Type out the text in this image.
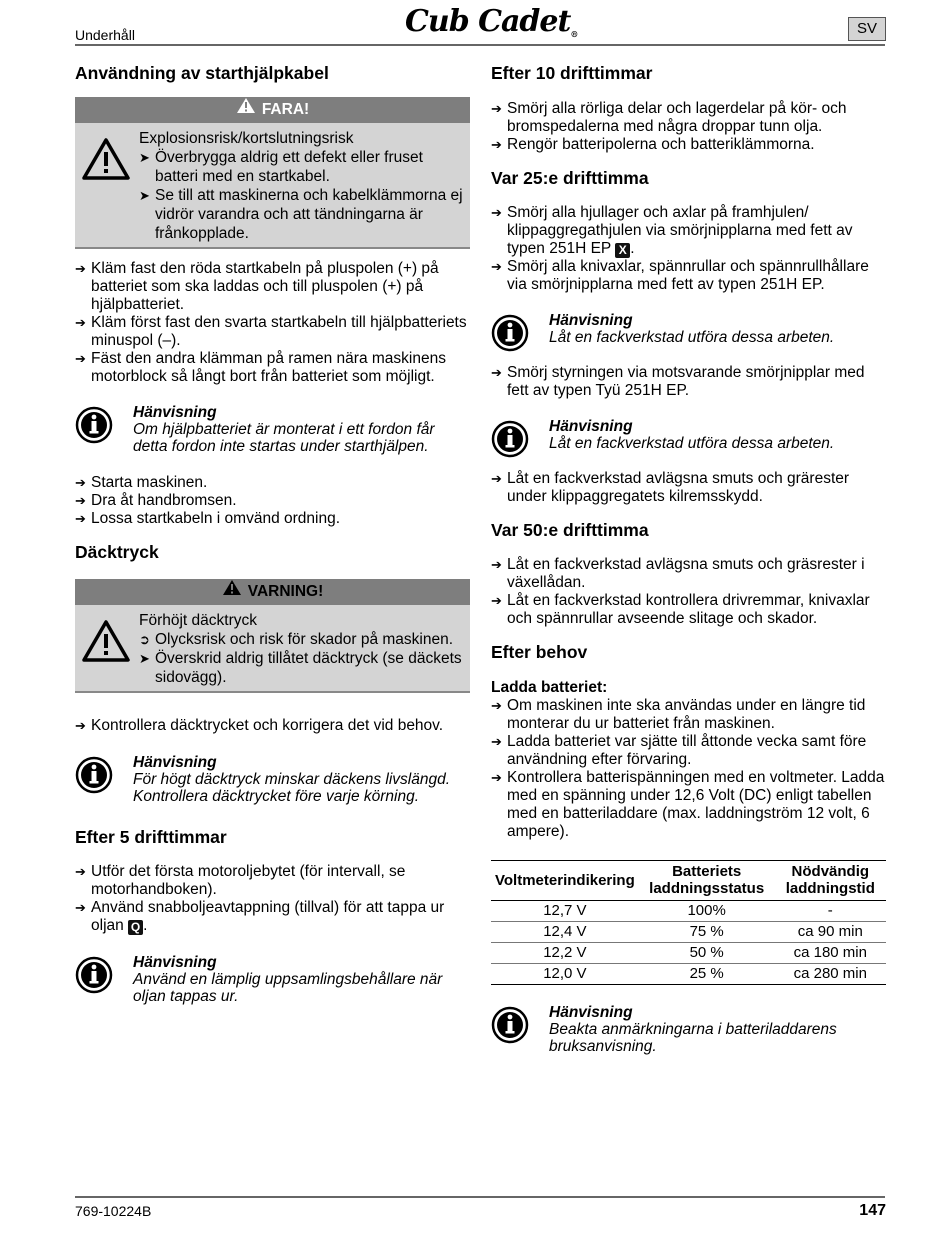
Underhåll	Cub Cadet®	SV
Användning av starthjälpkabel
FARA!

Explosionsrisk/kortslutningsrisk

➤ Överbrygga aldrig ett defekt eller fruset batteri med en startkabel.
➤ Se till att maskinerna och kabelklämmorna ej vidrör varandra och att tändningarna är frånkopplade.
➔ Kläm fast den röda startkabeln på pluspolen (+) på batteriet som ska laddas och till pluspolen (+) på hjälpbatteriet.
➔ Kläm först fast den svarta startkabeln till hjälpbatteriets minuspol (–).
➔ Fäst den andra klämman på ramen nära maskinens motorblock så långt bort från batteriet som möjligt.
Hänvisning
Om hjälpbatteriet är monterat i ett fordon får detta fordon inte startas under starthjälpen.
➔ Starta maskinen.
➔ Dra åt handbromsen.
➔ Lossa startkabeln i omvänd ordning.
Däcktryck
VARNING!

Förhöjt däcktryck

➲ Olycksrisk och risk för skador på maskinen.
➤ Överskrid aldrig tillåtet däcktryck (se däckets sidovägg).
➔ Kontrollera däcktrycket och korrigera det vid behov.
Hänvisning
För högt däcktryck minskar däckens livslängd. Kontrollera däcktrycket före varje körning.
Efter 5 drifttimmar
➔ Utför det första motoroljebytet (för intervall, se motorhandboken).
➔ Använd snabboljeavtappning (tillval) för att tappa ur oljan Q .
Hänvisning
Använd en lämplig uppsamlingsbehållare när oljan tappas ur.
Efter 10 drifttimmar
➔ Smörj alla rörliga delar och lagerdelar på kör- och bromspedalerna med några droppar tunn olja.
➔ Rengör batteripolerna och batteriklämmorna.
Var 25:e drifttimma
➔ Smörj alla hjullager och axlar på framhjulen/ klippaggregathjulen via smörjnipplarna med fett av typen 251H EP X .
➔ Smörj alla knivaxlar, spännrullar och spännrullhållare via smörjnipplarna med fett av typen 251H EP.
Hänvisning
Låt en fackverkstad utföra dessa arbeten.
➔ Smörj styrningen via motsvarande smörjnipplar med fett av typen Tyü 251H EP.
Hänvisning
Låt en fackverkstad utföra dessa arbeten.
➔ Låt en fackverkstad avlägsna smuts och grärester under klippaggregatets kilremsskydd.
Var 50:e drifttimma
➔ Låt en fackverkstad avlägsna smuts och gräsrester i växellådan.
➔ Låt en fackverkstad kontrollera drivremmar, knivaxlar och spännrullar avseende slitage och skador.
Efter behov
Ladda batteriet:
➔ Om maskinen inte ska användas under en längre tid monterar du ur batteriet från maskinen.
➔ Ladda batteriet var sjätte till åttonde vecka samt före användning efter förvaring.
➔ Kontrollera batterispänningen med en voltmeter. Ladda med en spänning under 12,6 Volt (DC) enligt tabellen med en batteriladdare (max. laddningström 12 volt, 6 ampere).
Voltmeterindikering	Batteriets laddningsstatus	Nödvändig laddningstid
12,7 V	100%	-
12,4 V	75 %	ca 90 min
12,2 V	50 %	ca 180 min
12,0 V	25 %	ca 280 min
Hänvisning
Beakta anmärkningarna i batteriladdarens bruksanvisning.
769-10224B	147
